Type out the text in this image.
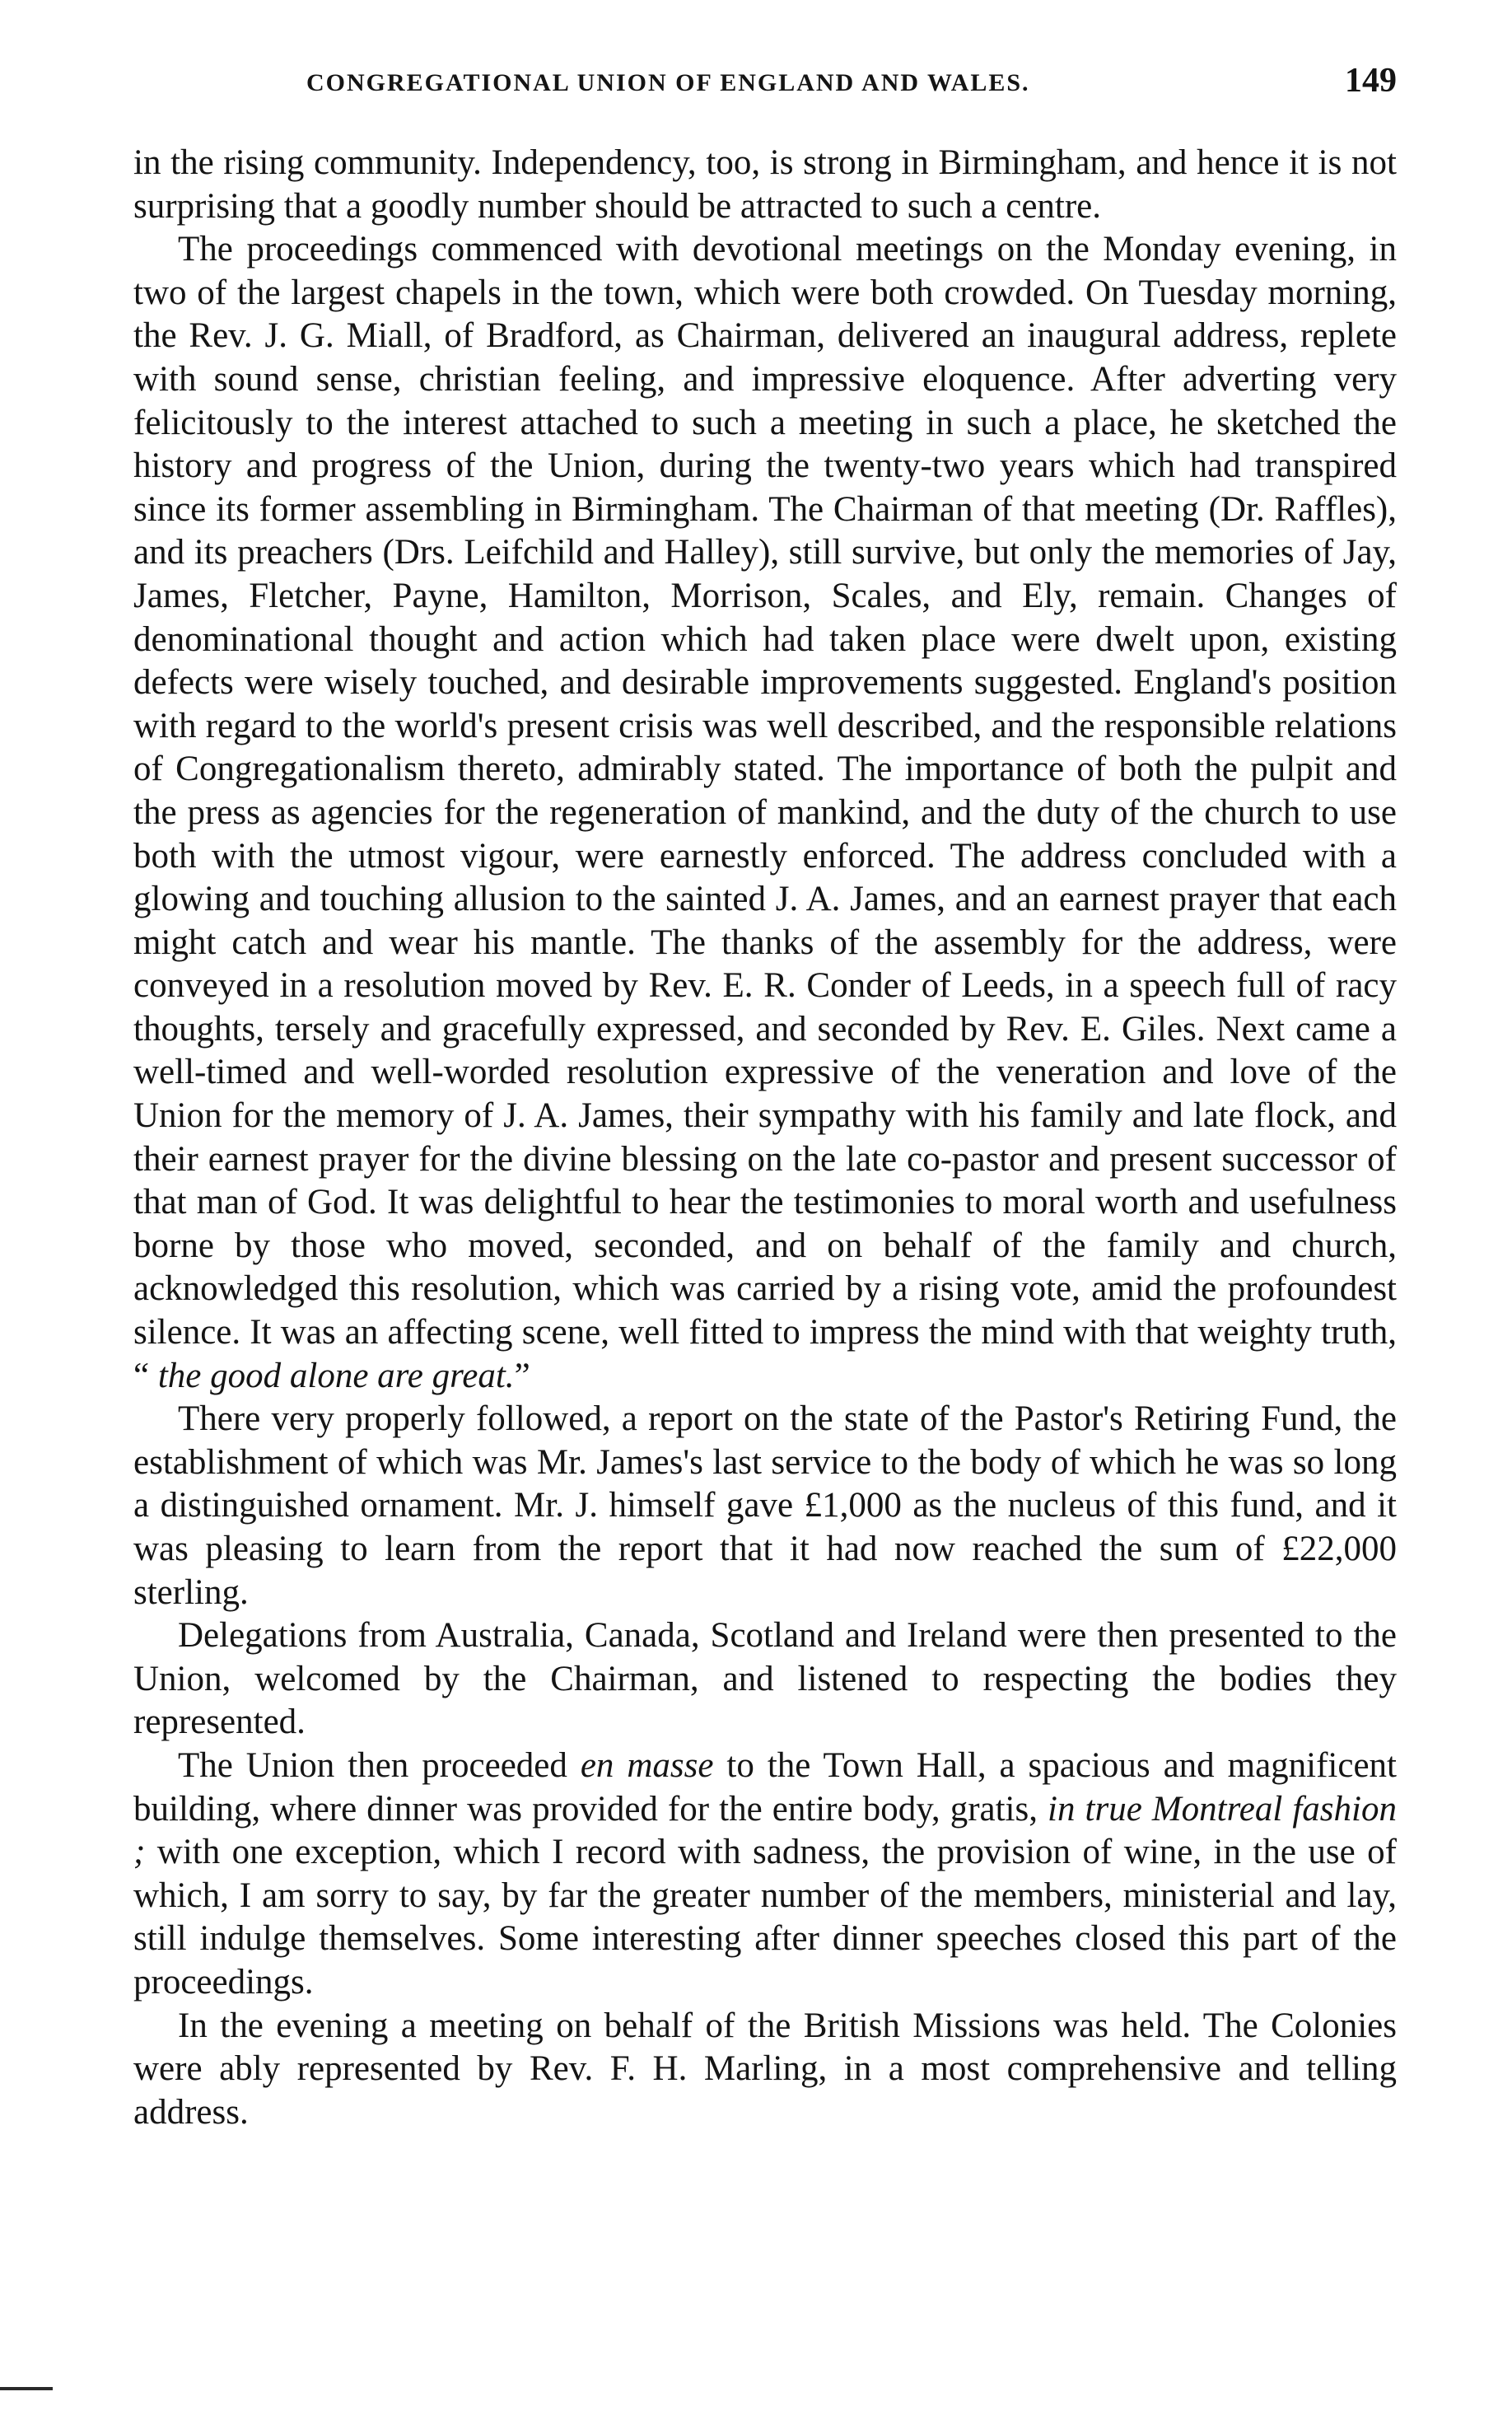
CONGREGATIONAL UNION OF ENGLAND AND WALES.	149

in the rising community. Independency, too, is strong in Birmingham, and hence it is not surprising that a goodly number should be attracted to such a centre.

The proceedings commenced with devotional meetings on the Monday evening, in two of the largest chapels in the town, which were both crowded. On Tuesday morning, the Rev. J. G. Miall, of Bradford, as Chairman, delivered an inaugural address, replete with sound sense, christian feeling, and impressive eloquence. After adverting very felicitously to the interest attached to such a meeting in such a place, he sketched the history and progress of the Union, during the twenty-two years which had transpired since its former assembling in Birmingham. The Chairman of that meeting (Dr. Raffles), and its preachers (Drs. Leifchild and Halley), still survive, but only the memories of Jay, James, Fletcher, Payne, Hamilton, Morrison, Scales, and Ely, remain. Changes of denominational thought and action which had taken place were dwelt upon, existing defects were wisely touched, and desirable improvements suggested. England's position with regard to the world's present crisis was well described, and the responsible relations of Congregationalism thereto, admirably stated. The importance of both the pulpit and the press as agencies for the regeneration of mankind, and the duty of the church to use both with the utmost vigour, were earnestly enforced. The address concluded with a glowing and touching allusion to the sainted J. A. James, and an earnest prayer that each might catch and wear his mantle. The thanks of the assembly for the address, were conveyed in a resolution moved by Rev. E. R. Conder of Leeds, in a speech full of racy thoughts, tersely and gracefully expressed, and seconded by Rev. E. Giles. Next came a well-timed and well-worded resolution expressive of the veneration and love of the Union for the memory of J. A. James, their sympathy with his family and late flock, and their earnest prayer for the divine blessing on the late co-pastor and present successor of that man of God. It was delightful to hear the testimonies to moral worth and usefulness borne by those who moved, seconded, and on behalf of the family and church, acknowledged this resolution, which was carried by a rising vote, amid the profoundest silence. It was an affecting scene, well fitted to impress the mind with that weighty truth, “ the good alone are great.”

There very properly followed, a report on the state of the Pastor's Retiring Fund, the establishment of which was Mr. James's last service to the body of which he was so long a distinguished ornament. Mr. J. himself gave £1,000 as the nucleus of this fund, and it was pleasing to learn from the report that it had now reached the sum of £22,000 sterling.

Delegations from Australia, Canada, Scotland and Ireland were then presented to the Union, welcomed by the Chairman, and listened to respecting the bodies they represented.

The Union then proceeded en masse to the Town Hall, a spacious and magnificent building, where dinner was provided for the entire body, gratis, in true Montreal fashion ; with one exception, which I record with sadness, the provision of wine, in the use of which, I am sorry to say, by far the greater number of the members, ministerial and lay, still indulge themselves. Some interesting after dinner speeches closed this part of the proceedings.

In the evening a meeting on behalf of the British Missions was held. The Colonies were ably represented by Rev. F. H. Marling, in a most comprehensive and telling address.
